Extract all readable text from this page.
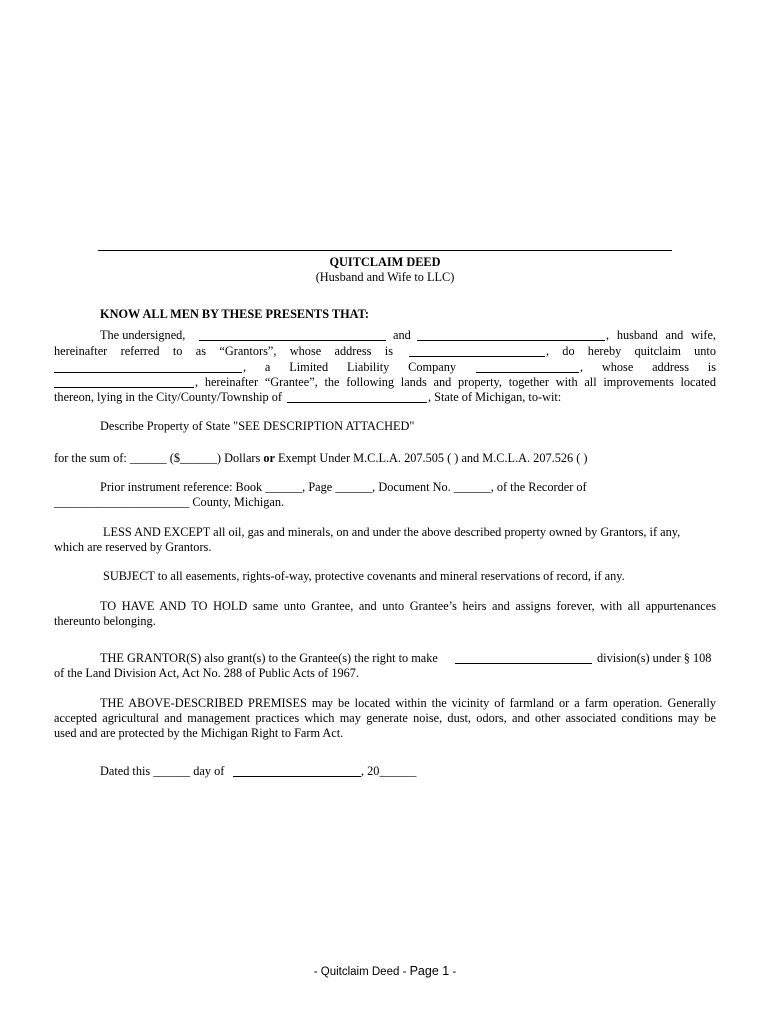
QUITCLAIM DEED
(Husband and Wife to LLC)
KNOW ALL MEN BY THESE PRESENTS THAT:
The undersigned,	and	, husband and wife,
hereinafter referred to as “Grantors”, whose address is	, do hereby quitclaim unto
, a Limited Liability Company	, whose address is
, hereinafter “Grantee”, the following lands and property, together with all improvements located
thereon, lying in the City/County/Township of	, State of Michigan, to-wit:
Describe Property of State "SEE DESCRIPTION ATTACHED"
for the sum of: ______ ($______) Dollars or Exempt Under M.C.L.A. 207.505 ( ) and M.C.L.A. 207.526 ( )
Prior instrument reference: Book ______, Page ______, Document No. ______, of the Recorder of
______________________ County, Michigan.
LESS AND EXCEPT all oil, gas and minerals, on and under the above described property owned by Grantors, if any,
which are reserved by Grantors.
SUBJECT to all easements, rights-of-way, protective covenants and mineral reservations of record, if any.
TO HAVE AND TO HOLD same unto Grantee, and unto Grantee’s heirs and assigns forever, with all appurtenances
thereunto belonging.
THE GRANTOR(S) also grant(s) to the Grantee(s) the right to make	division(s) under § 108
of the Land Division Act, Act No. 288 of Public Acts of 1967.
THE ABOVE-DESCRIBED PREMISES may be located within the vicinity of farmland or a farm operation. Generally
accepted agricultural and management practices which may generate noise, dust, odors, and other associated conditions may be
used and are protected by the Michigan Right to Farm Act.
Dated this ______ day of	, 20______
- Quitclaim Deed - Page 1 -
